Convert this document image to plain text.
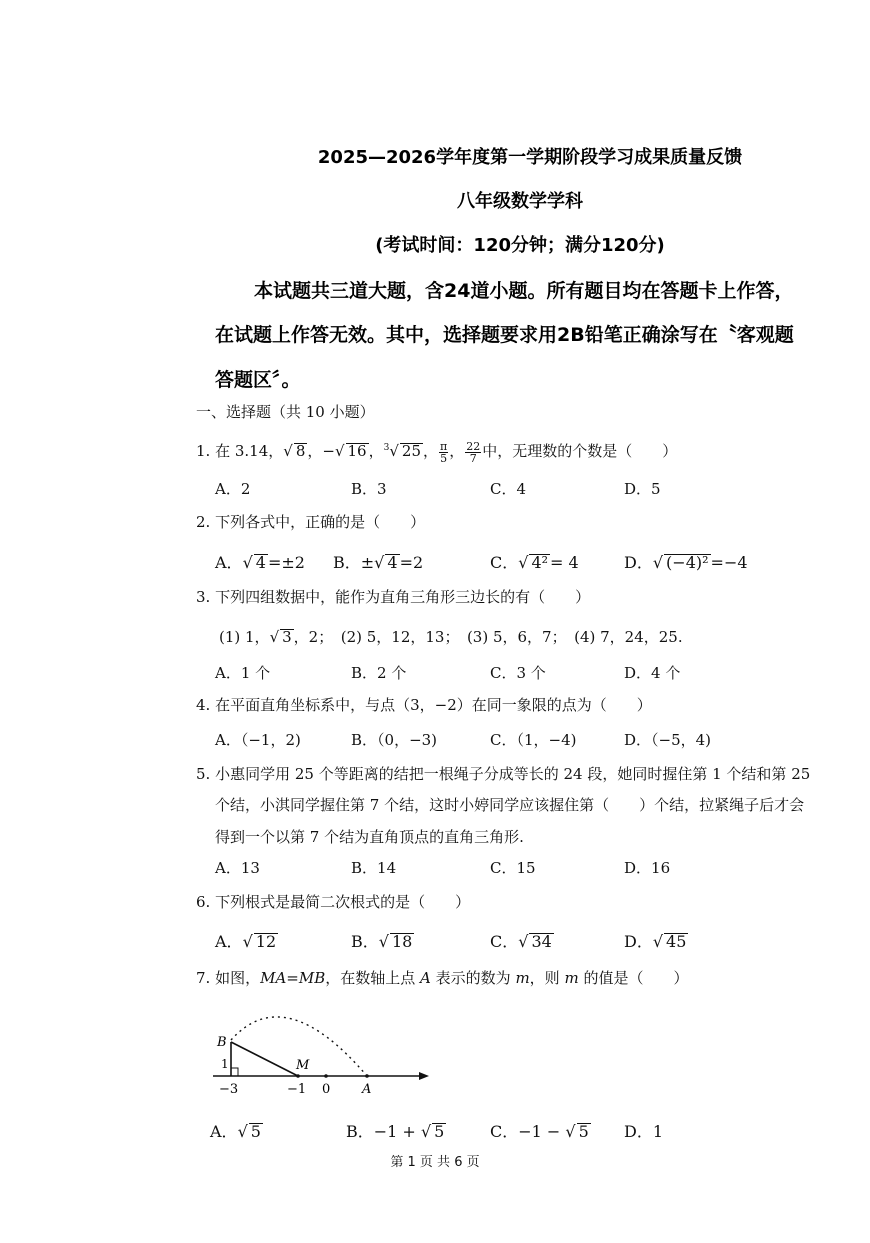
2025—2026学年度第一学期阶段学习成果质量反馈
八年级数学学科
(考试时间：120分钟；满分120分)
本试题共三道大题，含24道小题。所有题目均在答题卡上作答，
在试题上作答无效。其中，选择题要求用2B铅笔正确涂写在〝客观题
答题区〞。
一、选择题（共 10 小题）
1. 在 3.14，√ 8 ，−√ 16 ，$^3$√ 25 ， $\frac{\pi}{5}$ ， $\frac{22}{7}$ 中，无理数的个数是（　　）
A．2	B．3	C．4	D．5
2. 下列各式中，正确的是（　　）
A．√ 4 =±2 B．±√ 4 =2	C．√ 4² = 4	D．√ (−4)² =−4
3. 下列四组数据中，能作为直角三角形三边长的有（　　）
(1) 1，√ 3 ，2；　(2) 5，12，13；　(3) 5，6，7；　(4) 7，24，25.
A．1 个	B．2 个	C．3 个	D．4 个
4. 在平面直角坐标系中，与点（3，−2）在同一象限的点为（　　）
A．（−1，2)	B．（0，−3)	C．（1，−4)	D．（−5，4)
5. 小惠同学用 25 个等距离的结把一根绳子分成等长的 24 段，她同时握住第 1 个结和第 25
个结，小淇同学握住第 7 个结，这时小婷同学应该握住第（　　）个结，拉紧绳子后才会
得到一个以第 7 个结为直角顶点的直角三角形.
A．13	B．14	C．15	D．16
6. 下列根式是最简二次根式的是（　　）
A．√ 12	B．√ 18	C．√ 34	D．√ 45
7. 如图，MA=MB，在数轴上点 A 表示的数为 m，则 m 的值是（　　）
B
1	M
−3	−1 0 A
A．√ 5	B．−1 + √ 5	C．−1 − √ 5 D．1
第 1 页 共 6 页
